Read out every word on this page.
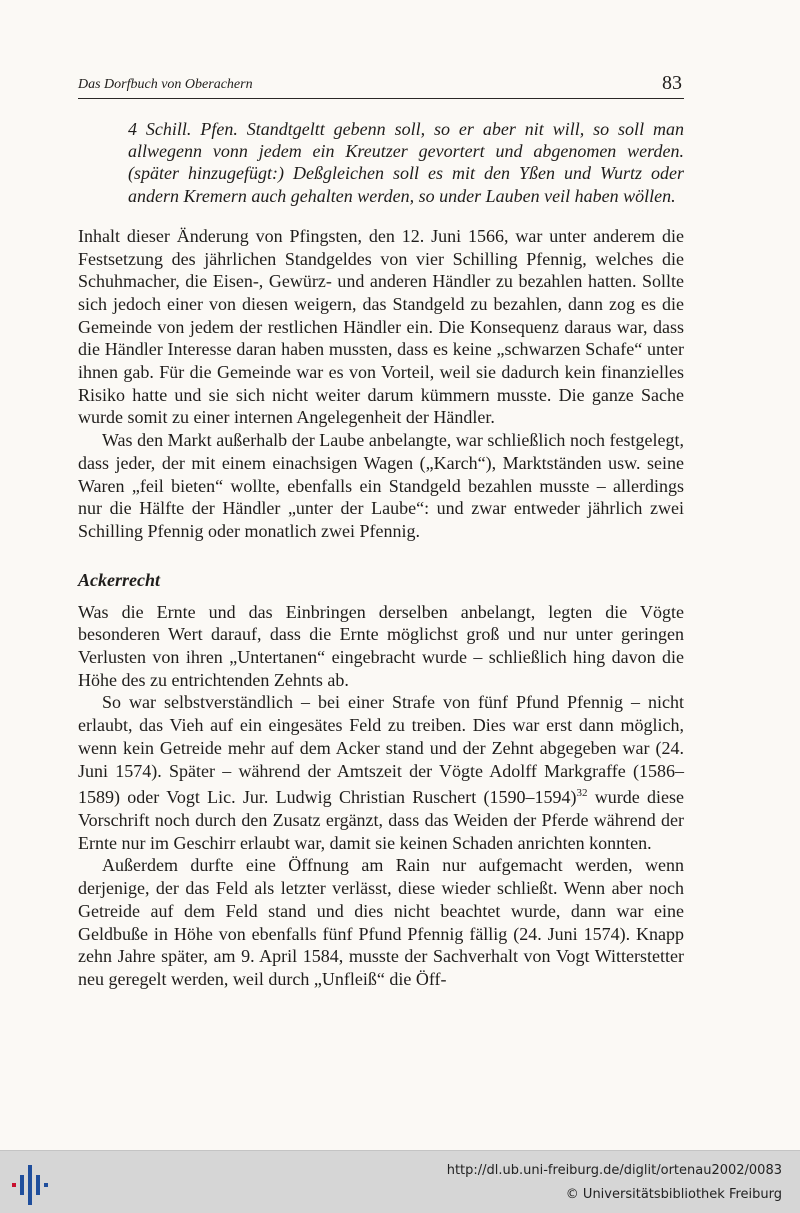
Das Dorfbuch von Oberachern	83

4 Schill. Pfen. Standtgeltt gebenn soll, so er aber nit will, so soll man allwegenn vonn jedem ein Kreutzer gevortert und abgenomen werden. (später hinzugefügt:) Deßgleichen soll es mit den Yßen und Wurtz oder andern Kremern auch gehalten werden, so under Lauben veil haben wöllen.

Inhalt dieser Änderung von Pfingsten, den 12. Juni 1566, war unter anderem die Festsetzung des jährlichen Standgeldes von vier Schilling Pfennig, welches die Schuhmacher, die Eisen-, Gewürz- und anderen Händler zu bezahlen hatten. Sollte sich jedoch einer von diesen weigern, das Standgeld zu bezahlen, dann zog es die Gemeinde von jedem der restlichen Händler ein. Die Konsequenz daraus war, dass die Händler Interesse daran haben mussten, dass es keine „schwarzen Schafe“ unter ihnen gab. Für die Gemeinde war es von Vorteil, weil sie dadurch kein finanzielles Risiko hatte und sie sich nicht weiter darum kümmern musste. Die ganze Sache wurde somit zu einer internen Angelegenheit der Händler.

Was den Markt außerhalb der Laube anbelangte, war schließlich noch festgelegt, dass jeder, der mit einem einachsigen Wagen („Karch“), Marktständen usw. seine Waren „feil bieten“ wollte, ebenfalls ein Standgeld bezahlen musste – allerdings nur die Hälfte der Händler „unter der Laube“: und zwar entweder jährlich zwei Schilling Pfennig oder monatlich zwei Pfennig.

Ackerrecht

Was die Ernte und das Einbringen derselben anbelangt, legten die Vögte besonderen Wert darauf, dass die Ernte möglichst groß und nur unter geringen Verlusten von ihren „Untertanen“ eingebracht wurde – schließlich hing davon die Höhe des zu entrichtenden Zehnts ab.

So war selbstverständlich – bei einer Strafe von fünf Pfund Pfennig – nicht erlaubt, das Vieh auf ein eingesätes Feld zu treiben. Dies war erst dann möglich, wenn kein Getreide mehr auf dem Acker stand und der Zehnt abgegeben war (24. Juni 1574). Später – während der Amtszeit der Vögte Adolff Markgraffe (1586–1589) oder Vogt Lic. Jur. Ludwig Christian Ruschert (1590–1594)$^{32}$ wurde diese Vorschrift noch durch den Zusatz ergänzt, dass das Weiden der Pferde während der Ernte nur im Geschirr erlaubt war, damit sie keinen Schaden anrichten konnten.

Außerdem durfte eine Öffnung am Rain nur aufgemacht werden, wenn derjenige, der das Feld als letzter verlässt, diese wieder schließt. Wenn aber noch Getreide auf dem Feld stand und dies nicht beachtet wurde, dann war eine Geldbuße in Höhe von ebenfalls fünf Pfund Pfennig fällig (24. Juni 1574). Knapp zehn Jahre später, am 9. April 1584, musste der Sachverhalt von Vogt Witterstetter neu geregelt werden, weil durch „Unfleiß“ die Öff-

http://dl.ub.uni-freiburg.de/diglit/ortenau2002/0083
© Universitätsbibliothek Freiburg
